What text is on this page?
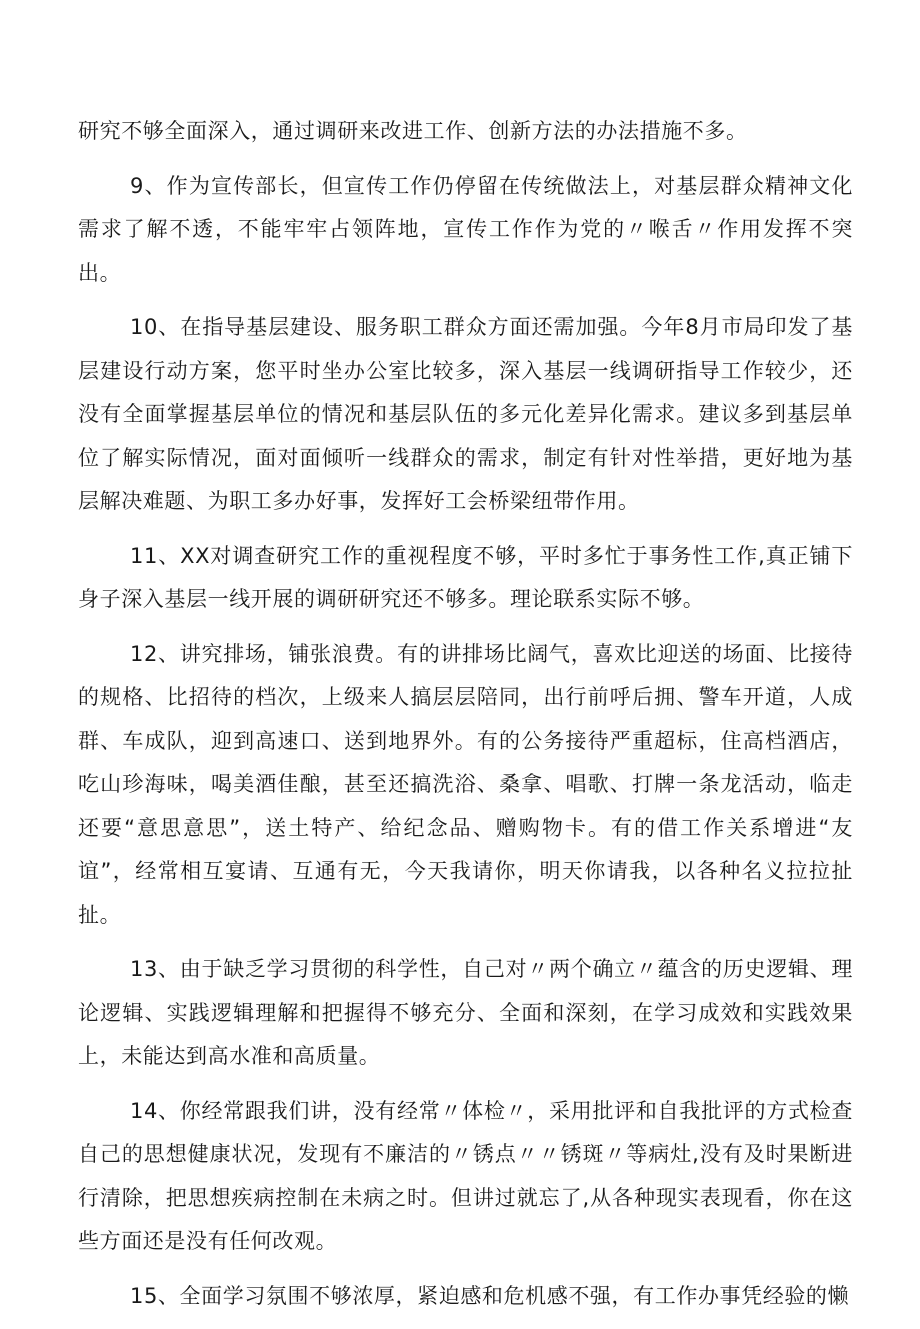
研究不够全面深入，通过调研来改进工作、创新方法的办法措施不多。

9、作为宣传部长，但宣传工作仍停留在传统做法上，对基层群众精神文化需求了解不透，不能牢牢占领阵地，宣传工作作为党的〃喉舌〃作用发挥不突出。

10、在指导基层建设、服务职工群众方面还需加强。今年8月市局印发了基层建设行动方案，您平时坐办公室比较多，深入基层一线调研指导工作较少，还没有全面掌握基层单位的情况和基层队伍的多元化差异化需求。建议多到基层单位了解实际情况，面对面倾听一线群众的需求，制定有针对性举措，更好地为基层解决难题、为职工多办好事，发挥好工会桥梁纽带作用。

11、XX对调查研究工作的重视程度不够，平时多忙于事务性工作,真正铺下身子深入基层一线开展的调研研究还不够多。理论联系实际不够。

12、讲究排场，铺张浪费。有的讲排场比阔气，喜欢比迎送的场面、比接待的规格、比招待的档次，上级来人搞层层陪同，出行前呼后拥、警车开道，人成群、车成队，迎到高速口、送到地界外。有的公务接待严重超标，住高档酒店，吃山珍海味，喝美酒佳酿，甚至还搞洗浴、桑拿、唱歌、打牌一条龙活动，临走还要“意思意思”，送土特产、给纪念品、赠购物卡。有的借工作关系增进“友谊”，经常相互宴请、互通有无，今天我请你，明天你请我，以各种名义拉拉扯扯。

13、由于缺乏学习贯彻的科学性，自己对〃两个确立〃蕴含的历史逻辑、理论逻辑、实践逻辑理解和把握得不够充分、全面和深刻，在学习成效和实践效果上，未能达到高水准和高质量。

14、你经常跟我们讲，没有经常〃体检〃，采用批评和自我批评的方式检查自己的思想健康状况，发现有不廉洁的〃锈点〃〃锈斑〃等病灶,没有及时果断进行清除，把思想疾病控制在未病之时。但讲过就忘了,从各种现实表现看，你在这些方面还是没有任何改观。

15、全面学习氛围不够浓厚，紧迫感和危机感不强，有工作办事凭经验的懒
